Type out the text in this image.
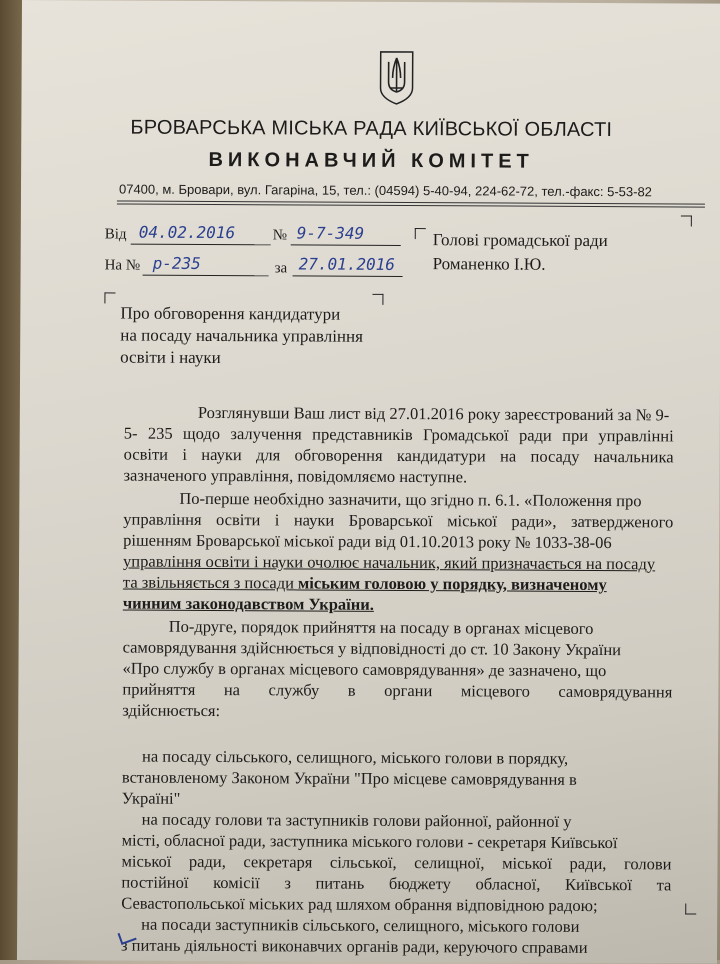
БРОВАРСЬКА МІСЬКА РАДА КИЇВСЬКОЇ ОБЛАСТІ
ВИКОНАВЧИЙ КОМІТЕТ
07400, м. Бровари, вул. Гагаріна, 15, тел.: (04594) 5-40-94, 224-62-72, тел.-факс: 5-53-82
Від 04.02.2016	№ 9-7-349
На № р-235	за 27.01.2016
Голові громадської ради
Романенко І.Ю.
Про обговорення кандидатури
на посаду начальника управління
освіти і науки
Розглянувши Ваш лист від 27.01.2016 року зареєстрований за № 9-
5- 235 щодо залучення представників Громадської ради при управлінні
освіти і науки для обговорення кандидатури на посаду начальника
зазначеного управління, повідомляємо наступне.
По-перше необхідно зазначити, що згідно п. 6.1. «Положення про
управління освіти і науки Броварської міської ради», затвердженого
рішенням Броварської міської ради від 01.10.2013 року № 1033-38-06
управління освіти і науки очолює начальник, який призначається на посаду
та звільняється з посади міським головою у порядку, визначеному
чинним законодавством України.
По-друге, порядок прийняття на посаду в органах місцевого
самоврядування здійснюється у відповідності до ст. 10 Закону України
«Про службу в органах місцевого самоврядування» де зазначено, що
прийняття на службу в органи місцевого самоврядування
здійснюється:
на посаду сільського, селищного, міського голови в порядку,
встановленому Законом України "Про місцеве самоврядування в
Україні"
на посаду голови та заступників голови районної, районної у
місті, обласної ради, заступника міського голови - секретаря Київської
міської ради, секретаря сільської, селищної, міської ради, голови
постійної комісії з питань бюджету обласної, Київської та
Севастопольської міських рад шляхом обрання відповідною радою;
на посади заступників сільського, селищного, міського голови
з питань діяльності виконавчих органів ради, керуючого справами
